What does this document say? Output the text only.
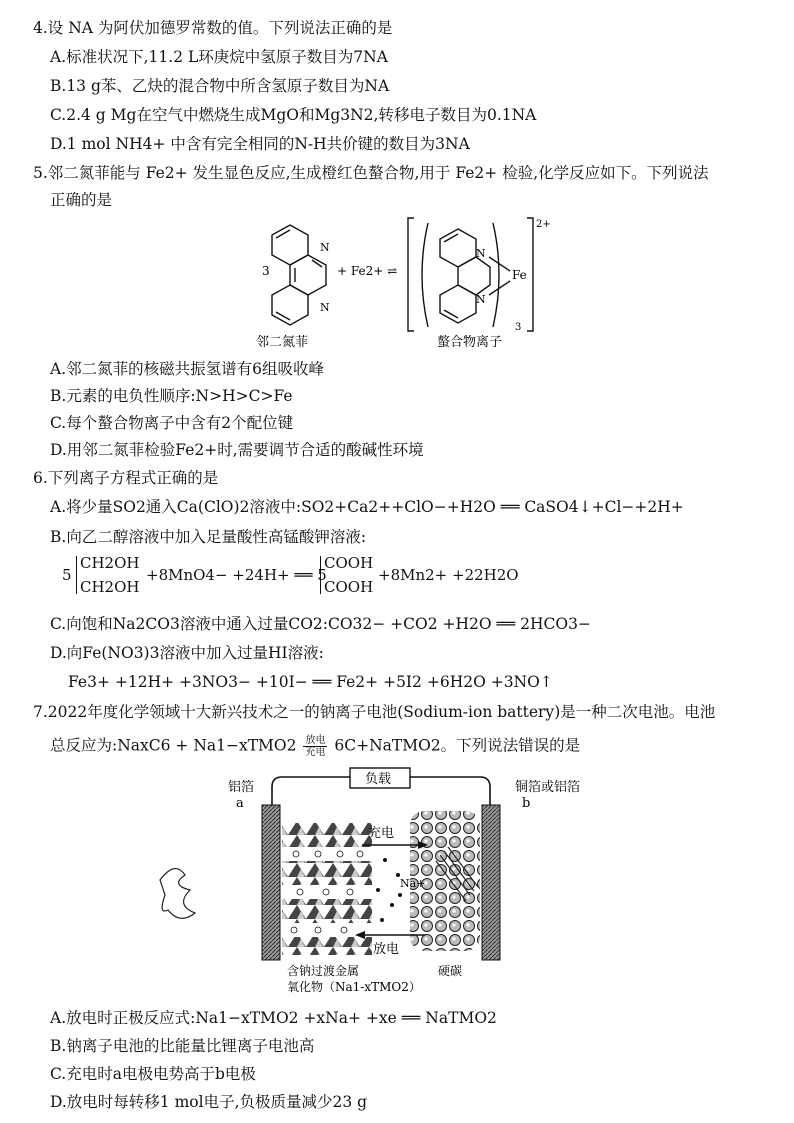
4.设 NA 为阿伏加德罗常数的值。下列说法正确的是
A.标准状况下,11.2 L环庚烷中氢原子数目为7NA
B.13 g苯、乙炔的混合物中所含氢原子数目为NA
C.2.4 g Mg在空气中燃烧生成MgO和Mg3N2,转移电子数目为0.1NA
D.1 mol NH4+ 中含有完全相同的N-H共价键的数目为3NA
5.邻二氮菲能与 Fe2+ 发生显色反应,生成橙红色螯合物,用于 Fe2+ 检验,化学反应如下。下列说法
正确的是
N
N
3	+ Fe2+ ⇌
N
N
Fe
3
2+
邻二氮菲	螯合物离子
A.邻二氮菲的核磁共振氢谱有6组吸收峰
B.元素的电负性顺序:N>H>C>Fe
C.每个螯合物离子中含有2个配位键
D.用邻二氮菲检验Fe2+时,需要调节合适的酸碱性环境
6.下列离子方程式正确的是
A.将少量SO2通入Ca(ClO)2溶液中:SO2+Ca2++ClO−+H2O ══ CaSO4↓+Cl−+2H+
B.向乙二醇溶液中加入足量酸性高锰酸钾溶液:
5
CH2OH
CH2OH
+8MnO4− +24H+ ══ 5
COOH
COOH
+8Mn2+ +22H2O
C.向饱和Na2CO3溶液中通入过量CO2:CO32− +CO2 +H2O ══ 2HCO3−
D.向Fe(NO3)3溶液中加入过量HI溶液:
Fe3+ +12H+ +3NO3− +10I− ══ Fe2+ +5I2 +6H2O +3NO↑
7.2022年度化学领域十大新兴技术之一的钠离子电池(Sodium-ion battery)是一种二次电池。电池
总反应为:NaxC6 + Na1−xTMO2 $\frac{\text{放电}}{\text{充电}}$ 6C+NaTMO2。下列说法错误的是
负载
铝箔
a
铜箔或铝箔
b
Na+
充电
放电
含钠过渡金属
氧化物（Na1-xTMO2）
硬碳
A.放电时正极反应式:Na1−xTMO2 +xNa+ +xe ══ NaTMO2
B.钠离子电池的比能量比锂离子电池高
C.充电时a电极电势高于b电极
D.放电时每转移1 mol电子,负极质量减少23 g
